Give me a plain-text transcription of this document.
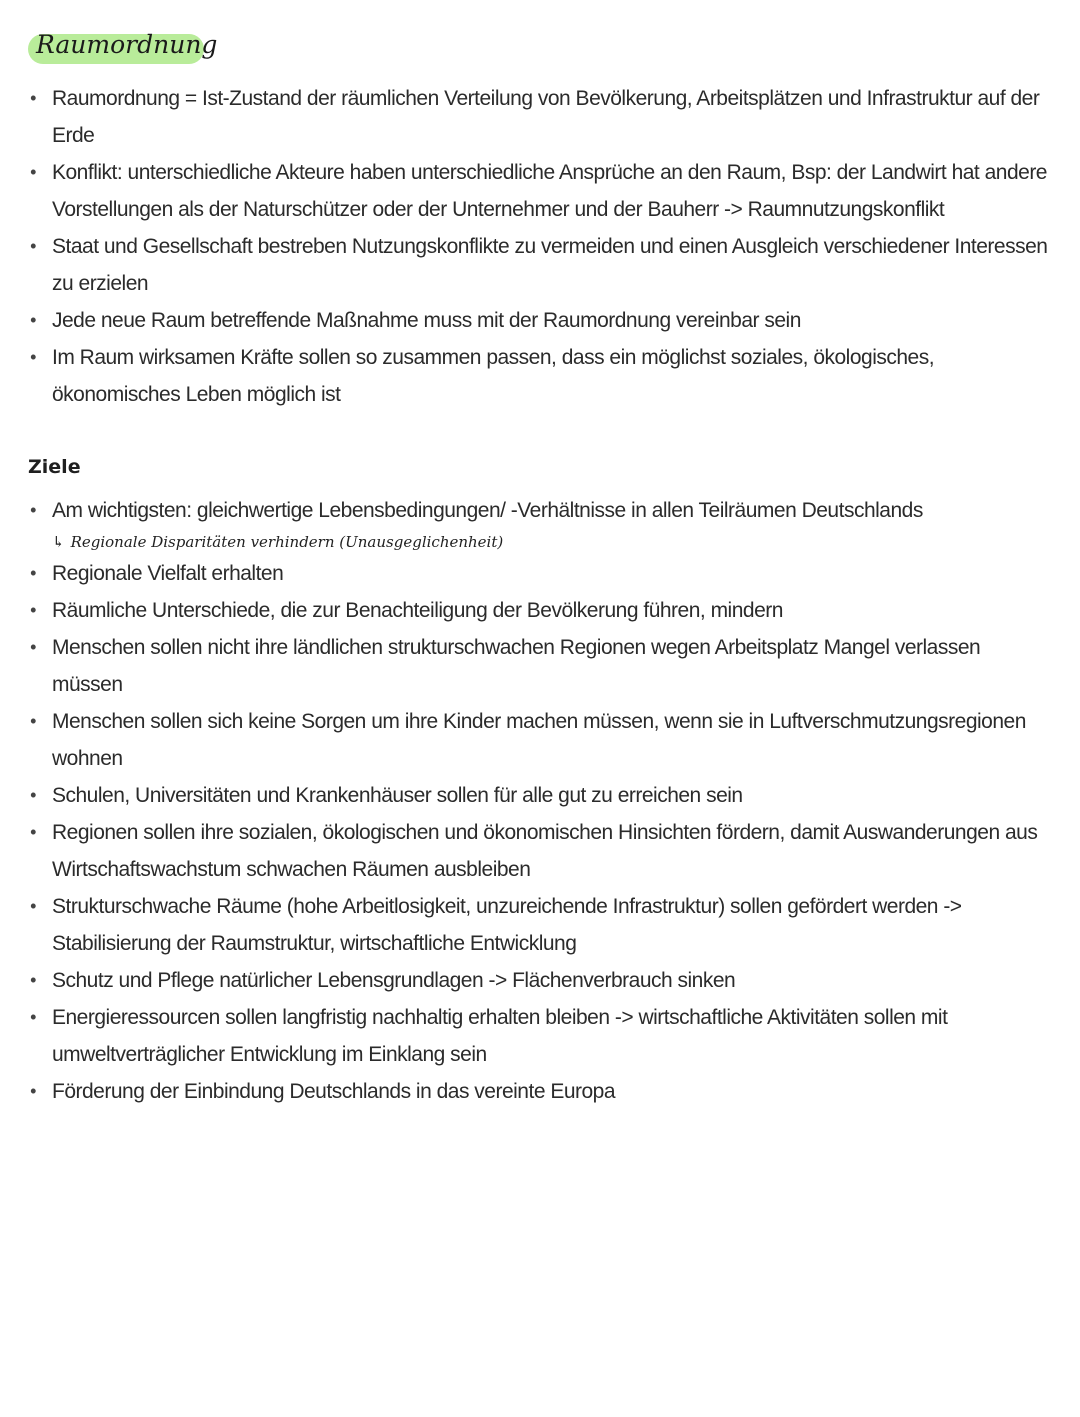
Raumordnung
• Raumordnung = Ist-Zustand der räumlichen Verteilung von Bevölkerung, Arbeitsplätzen und Infrastruktur auf der Erde
• Konflikt: unterschiedliche Akteure haben unterschiedliche Ansprüche an den Raum, Bsp: der Landwirt hat andere Vorstellungen als der Naturschützer oder der Unternehmer und der Bauherr -> Raumnutzungskonflikt
• Staat und Gesellschaft bestreben Nutzungskonflikte zu vermeiden und einen Ausgleich verschiedener Interessen zu erzielen
• Jede neue Raum betreffende Maßnahme muss mit der Raumordnung vereinbar sein
• Im Raum wirksamen Kräfte sollen so zusammen passen, dass ein möglichst soziales, ökologisches, ökonomisches Leben möglich ist
Ziele
• Am wichtigsten: gleichwertige Lebensbedingungen/ -Verhältnisse in allen Teilräumen Deutschlands
↳ Regionale Disparitäten verhindern (Unausgeglichenheit)
• Regionale Vielfalt erhalten
• Räumliche Unterschiede, die zur Benachteiligung der Bevölkerung führen, mindern
• Menschen sollen nicht ihre ländlichen strukturschwachen Regionen wegen Arbeitsplatz Mangel verlassen müssen
• Menschen sollen sich keine Sorgen um ihre Kinder machen müssen, wenn sie in Luftverschmutzungsregionen wohnen
• Schulen, Universitäten und Krankenhäuser sollen für alle gut zu erreichen sein
• Regionen sollen ihre sozialen, ökologischen und ökonomischen Hinsichten fördern, damit Auswanderungen aus Wirtschaftswachstum schwachen Räumen ausbleiben
• Strukturschwache Räume (hohe Arbeitlosigkeit, unzureichende Infrastruktur) sollen gefördert werden -> Stabilisierung der Raumstruktur, wirtschaftliche Entwicklung
• Schutz und Pflege natürlicher Lebensgrundlagen -> Flächenverbrauch sinken
• Energieressourcen sollen langfristig nachhaltig erhalten bleiben -> wirtschaftliche Aktivitäten sollen mit umweltverträglicher Entwicklung im Einklang sein
• Förderung der Einbindung Deutschlands in das vereinte Europa
